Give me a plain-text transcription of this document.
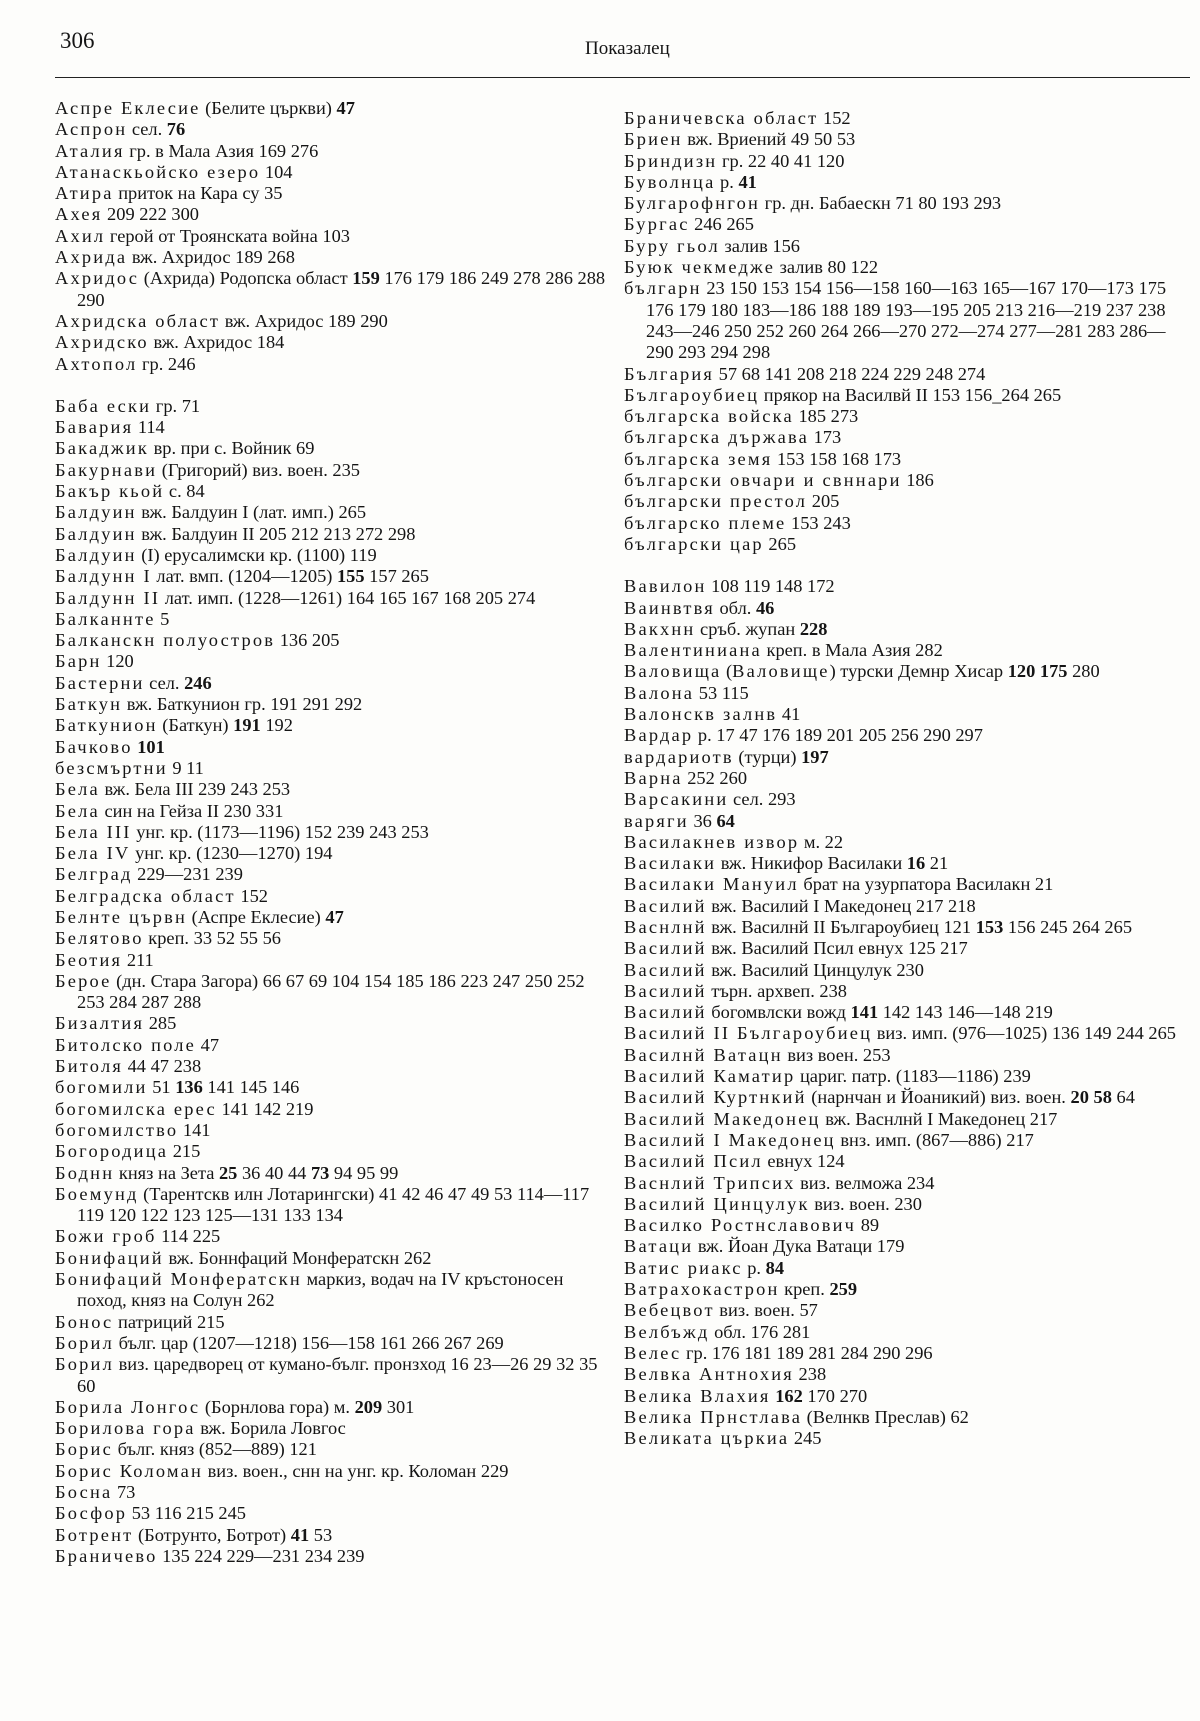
306	Показалец
Аспре Еклесие (Белите църкви) 47
Аспрон сел. 76
Аталия гр. в Мала Азия 169 276
Атанаскьойско езеро 104
Атира приток на Кара су 35
Ахея 209 222 300
Ахил герой от Троянската война 103
Ахрида вж. Ахридос 189 268
Ахридос (Ахрида) Родопска област 159 176 179 186 249 278 286 288 290
Ахридска област вж. Ахридос 189 290
Ахридско вж. Ахридос 184
Ахтопол гр. 246
Баба ески гр. 71
Бавария 114
Бакаджик вр. при с. Войник 69
Бакурнави (Григорий) виз. воен. 235
Бакър кьой с. 84
Балдуин вж. Балдуин I (лат. имп.) 265
Балдуин вж. Балдуин II 205 212 213 272 298
Балдуин (I) ерусалимски кр. (1100) 119
Балдунн I лат. вмп. (1204—1205) 155 157 265
Балдунн II лат. имп. (1228—1261) 164 165 167 168 205 274
Балканнте 5
Балканскн полуостров 136 205
Барн 120
Бастерни сел. 246
Баткун вж. Баткунион гр. 191 291 292
Баткунион (Баткун) 191 192
Бачково 101
безсмъртни 9 11
Бела вж. Бела III 239 243 253
Бела син на Гейза II 230 331
Бела III унг. кр. (1173—1196) 152 239 243 253
Бела IV унг. кр. (1230—1270) 194
Белград 229—231 239
Белградска област 152
Белнте цървн (Аспре Еклесие) 47
Белятово креп. 33 52 55 56
Беотия 211
Берое (дн. Стара Загора) 66 67 69 104 154 185 186 223 247 250 252 253 284 287 288
Бизалтия 285
Битолско поле 47
Битоля 44 47 238
богомили 51 136 141 145 146
богомилска ерес 141 142 219
богомилство 141
Богородица 215
Боднн княз на Зета 25 36 40 44 73 94 95 99
Боемунд (Тарентскв илн Лотарингски) 41 42 46 47 49 53 114—117 119 120 122 123 125—131 133 134
Божи гроб 114 225
Бонифаций вж. Боннфаций Монфератскн 262
Бонифаций Монфератскн маркиз, водач на IV кръстоносен поход, княз на Солун 262
Бонос патриций 215
Борил бълг. цар (1207—1218) 156—158 161 266 267 269
Борил виз. царедворец от кумано-бълг. пронзход 16 23—26 29 32 35 60
Борила Лонгос (Борнлова гора) м. 209 301
Борилова гора вж. Борила Ловгос
Борис бълг. княз (852—889) 121
Борис Коломан виз. воен., снн на унг. кр. Коломан 229
Босна 73
Босфор 53 116 215 245
Ботрент (Ботрунто, Ботрот) 41 53
Браничево 135 224 229—231 234 239
Браничевска област 152
Бриен вж. Вриений 49 50 53
Бриндизн гр. 22 40 41 120
Буволнца р. 41
Булгарофнгон гр. дн. Бабаескн 71 80 193 293
Бургас 246 265
Буру гьол залив 156
Буюк чекмедже залив 80 122
българн 23 150 153 154 156—158 160—163 165—167 170—173 175 176 179 180 183—186 188 189 193—195 205 213 216—219 237 238 243—246 250 252 260 264 266—270 272—274 277—281 283 286—290 293 294 298
България 57 68 141 208 218 224 229 248 274
Българоубиец прякор на Василвй II 153 156_264 265
българска войска 185 273
българска държава 173
българска земя 153 158 168 173
български овчари и свннари 186
български престол 205
българско племе 153 243
български цар 265
Вавилон 108 119 148 172
Ваинвтвя обл. 46
Вакхнн сръб. жупан 228
Валентиниана креп. в Мала Азия 282
Валовища (Валовище) турски Демнр Хисар 120 175 280
Валона 53 115
Валонскв залнв 41
Вардар р. 17 47 176 189 201 205 256 290 297
вардариотв (турци) 197
Варна 252 260
Варсакини сел. 293
варяги 36 64
Василакнев извор м. 22
Василаки вж. Никифор Василаки 16 21
Василаки Мануил брат на узурпатора Василакн 21
Василий вж. Василий I Македонец 217 218
Васнлнй вж. Василнй II Българоубиец 121 153 156 245 264 265
Василий вж. Василий Псил евнух 125 217
Василий вж. Василий Цинцулук 230
Василий търн. архвеп. 238
Василий богомвлски вожд 141 142 143 146—148 219
Василий II Българоубиец виз. имп. (976—1025) 136 149 244 265
Василнй Ватацн виз воен. 253
Василий Каматир цариг. патр. (1183—1186) 239
Василий Куртнкий (нарнчан и Йоаникий) виз. воен. 20 58 64
Василий Македонец вж. Васнлнй I Македонец 217
Василий I Македонец внз. имп. (867—886) 217
Василий Псил евнух 124
Васнлий Трипсих виз. велможа 234
Василий Цинцулук виз. воен. 230
Василко Ростнславович 89
Ватаци вж. Йоан Дука Ватаци 179
Ватис риакс р. 84
Ватрахокастрон креп. 259
Вебецвот виз. воен. 57
Велбъжд обл. 176 281
Велес гр. 176 181 189 281 284 290 296
Велвка Антнохия 238
Велика Влахия 162 170 270
Велика Прнстлава (Велнкв Преслав) 62
Великата църкиа 245
